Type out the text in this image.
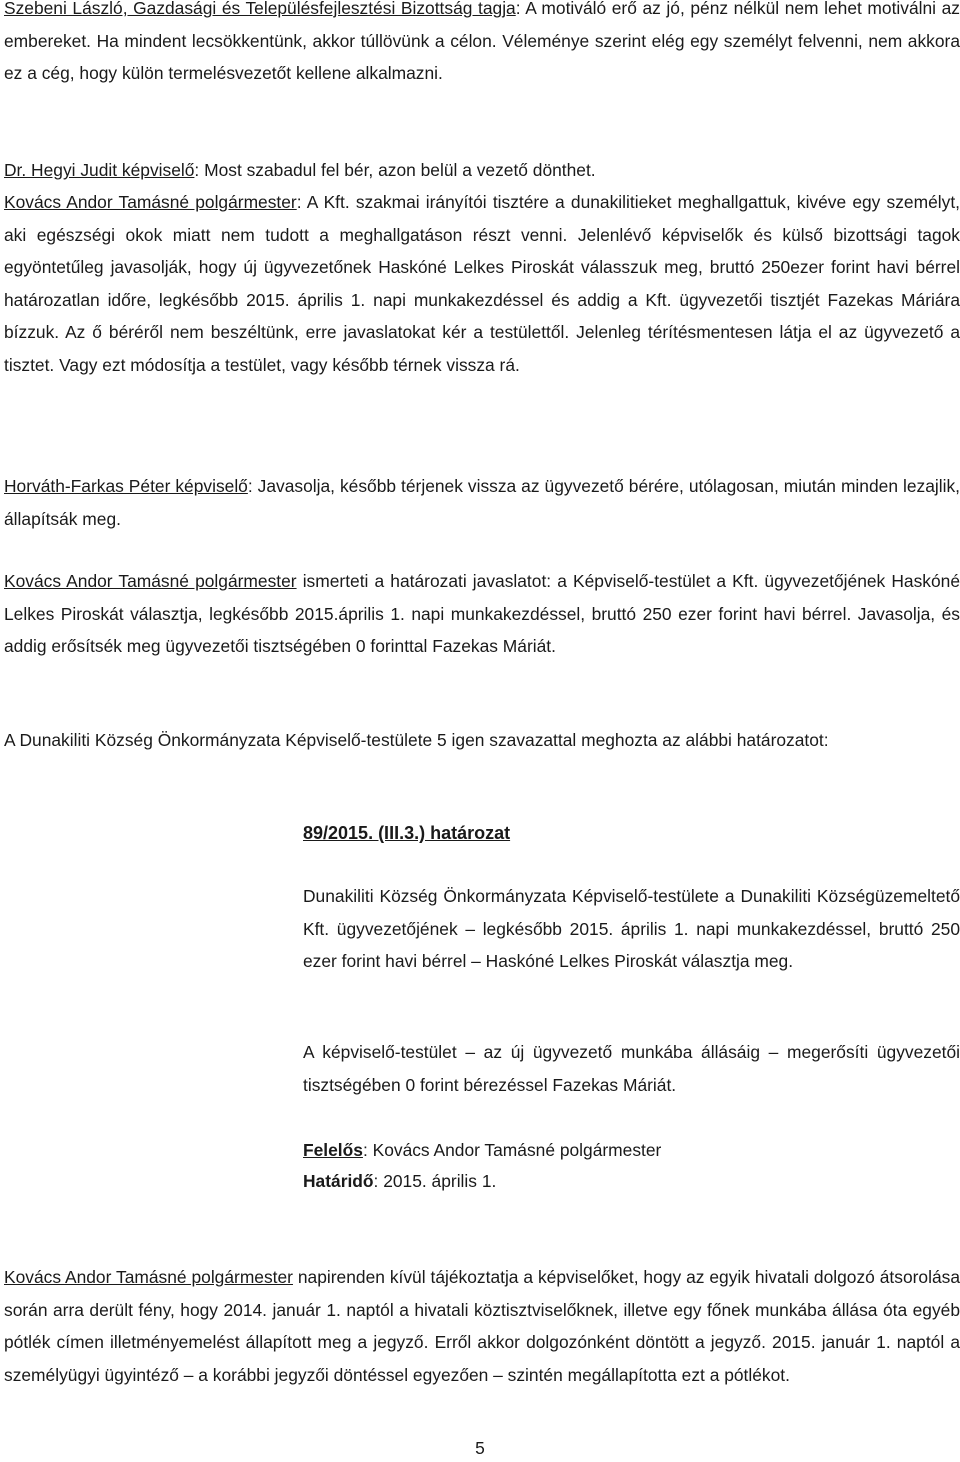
Szebeni László, Gazdasági és Településfejlesztési Bizottság tagja: A motiváló erő az jó, pénz nélkül nem lehet motiválni az embereket. Ha mindent lecsökkentünk, akkor túllövünk a célon. Véleménye szerint elég egy személyt felvenni, nem akkora ez a cég, hogy külön termelésvezetőt kellene alkalmazni.

Dr. Hegyi Judit képviselő: Most szabadul fel bér, azon belül a vezető dönthet.

Kovács Andor Tamásné polgármester: A Kft. szakmai irányítói tisztére a dunakilitieket meghallgattuk, kivéve egy személyt, aki egészségi okok miatt nem tudott a meghallgatáson részt venni. Jelenlévő képviselők és külső bizottsági tagok egyöntetűleg javasolják, hogy új ügyvezetőnek Haskóné Lelkes Piroskát válasszuk meg, bruttó 250ezer forint havi bérrel határozatlan időre, legkésőbb 2015. április 1. napi munkakezdéssel és addig a Kft. ügyvezetői tisztjét Fazekas Máriára bízzuk. Az ő béréről nem beszéltünk, erre javaslatokat kér a testülettől. Jelenleg térítésmentesen látja el az ügyvezető a tisztet. Vagy ezt módosítja a testület, vagy később térnek vissza rá.

Horváth-Farkas Péter képviselő: Javasolja, később térjenek vissza az ügyvezető bérére, utólagosan, miután minden lezajlik, állapítsák meg.

Kovács Andor Tamásné polgármester ismerteti a határozati javaslatot: a Képviselő-testület a Kft. ügyvezetőjének Haskóné Lelkes Piroskát választja, legkésőbb 2015.április 1. napi munkakezdéssel, bruttó 250 ezer forint havi bérrel. Javasolja, és addig erősítsék meg ügyvezetői tisztségében 0 forinttal Fazekas Máriát.

A Dunakiliti Község Önkormányzata Képviselő-testülete 5 igen szavazattal meghozta az alábbi határozatot:

89/2015. (III.3.) határozat

Dunakiliti Község Önkormányzata Képviselő-testülete a Dunakiliti Községüzemeltető Kft. ügyvezetőjének – legkésőbb 2015. április 1. napi munkakezdéssel, bruttó 250 ezer forint havi bérrel – Haskóné Lelkes Piroskát választja meg.

A képviselő-testület – az új ügyvezető munkába állásáig – megerősíti ügyvezetői tisztségében 0 forint bérezéssel Fazekas Máriát.

Felelős: Kovács Andor Tamásné polgármester

Határidő: 2015. április 1.

Kovács Andor Tamásné polgármester napirenden kívül tájékoztatja a képviselőket, hogy az egyik hivatali dolgozó átsorolása során arra derült fény, hogy 2014. január 1. naptól a hivatali köztisztviselőknek, illetve egy főnek munkába állása óta egyéb pótlék címen illetményemelést állapított meg a jegyző. Erről akkor dolgozónként döntött a jegyző. 2015. január 1. naptól a személyügyi ügyintéző – a korábbi jegyzői döntéssel egyezően – szintén megállapította ezt a pótlékot.

5
